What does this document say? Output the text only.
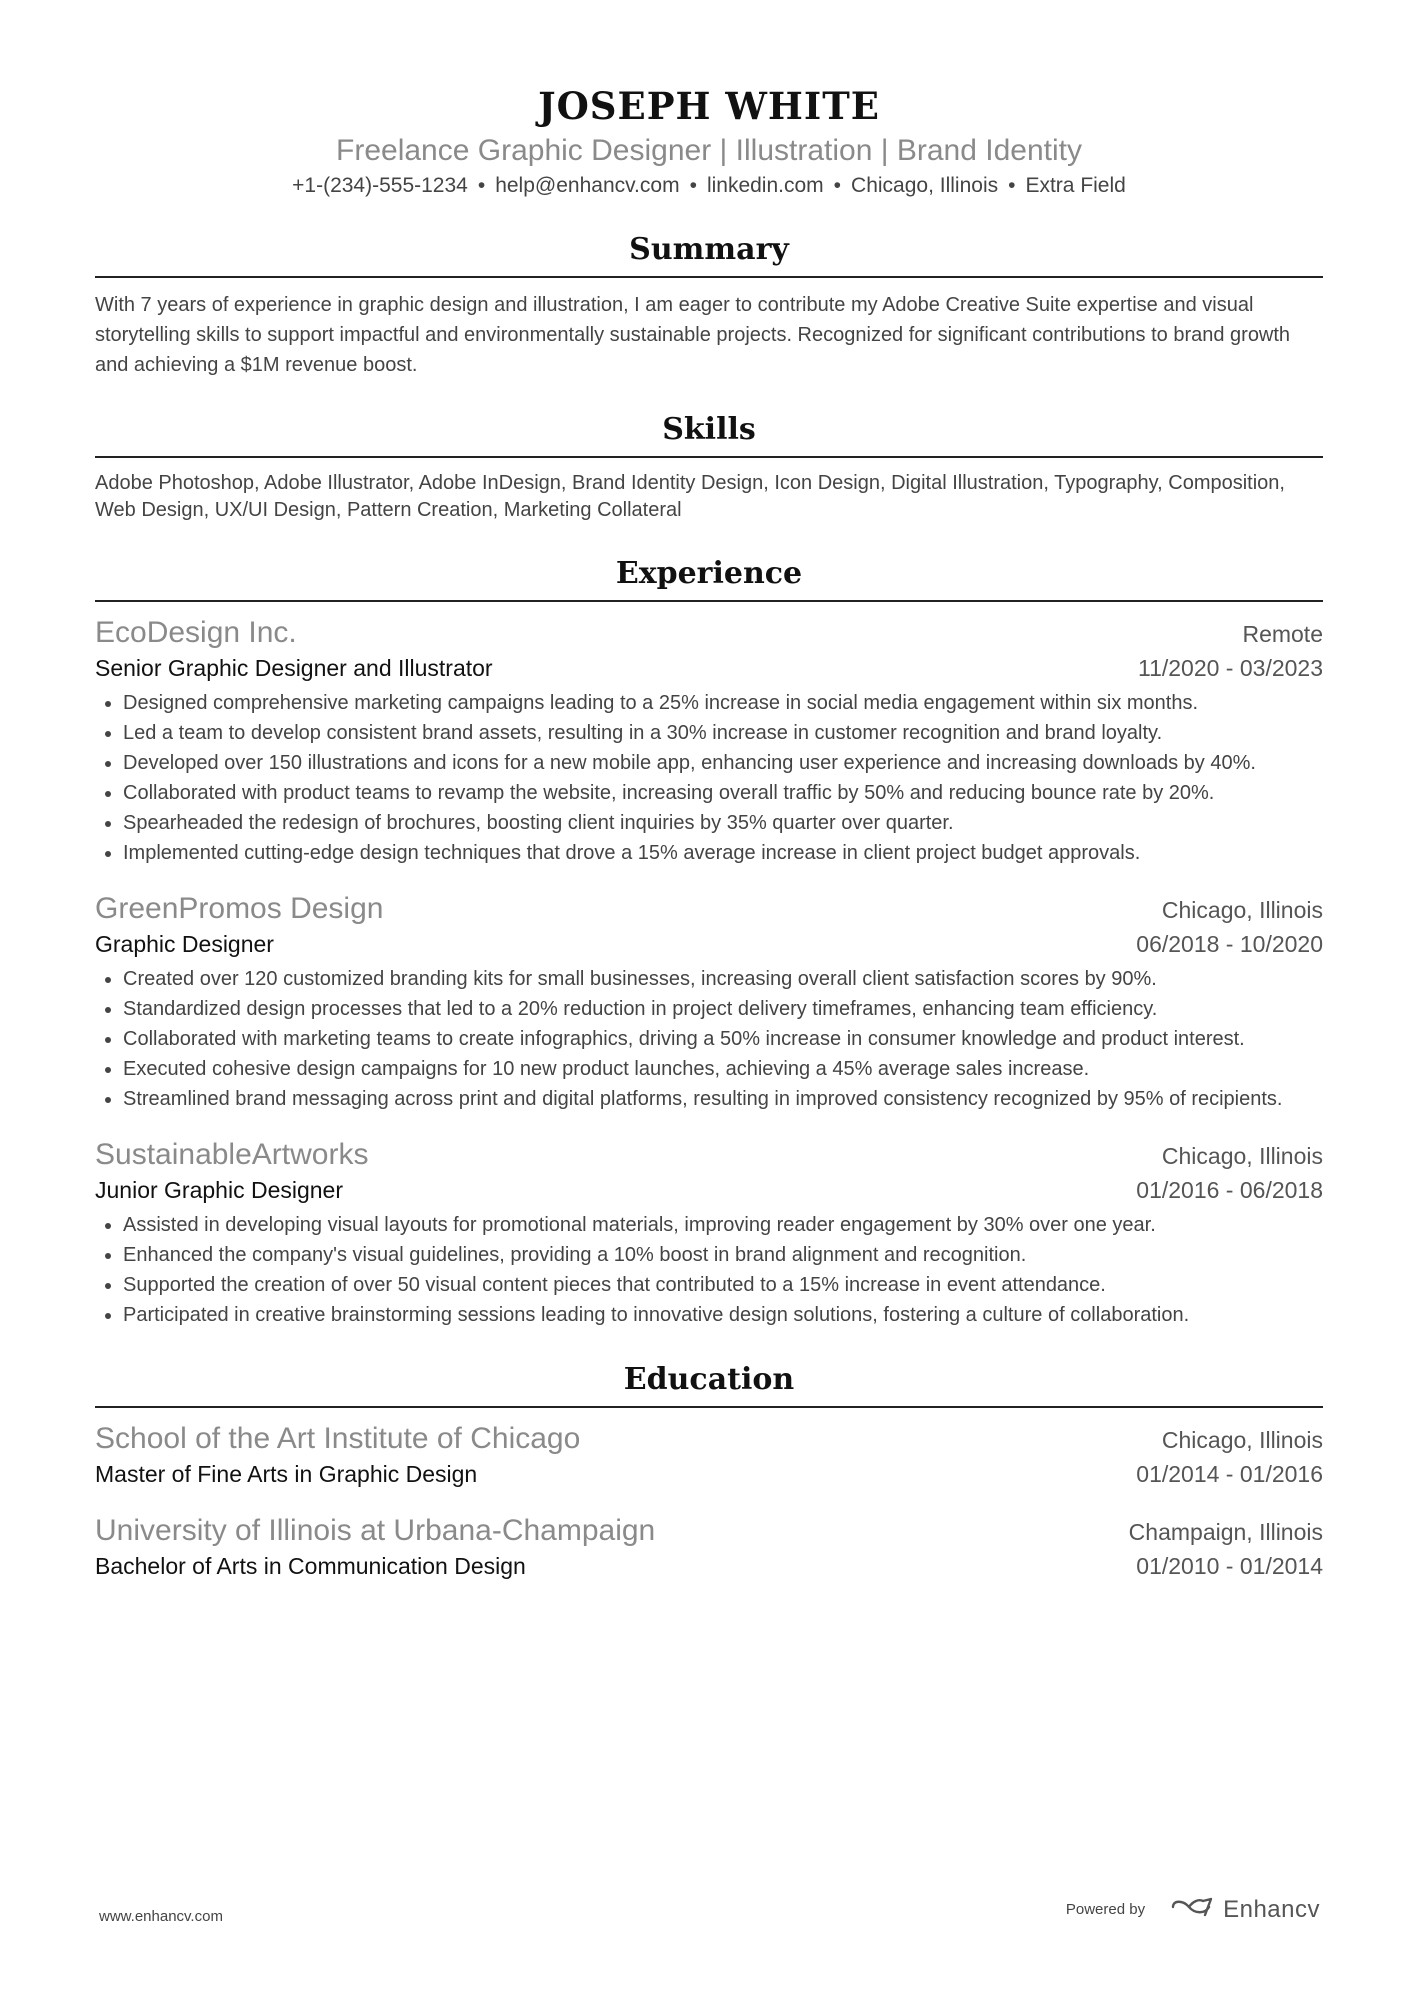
JOSEPH WHITE
Freelance Graphic Designer | Illustration | Brand Identity
+1-(234)-555-1234 • help@enhancv.com • linkedin.com • Chicago, Illinois • Extra Field
Summary
With 7 years of experience in graphic design and illustration, I am eager to contribute my Adobe Creative Suite expertise and visual storytelling skills to support impactful and environmentally sustainable projects. Recognized for significant contributions to brand growth and achieving a $1M revenue boost.
Skills
Adobe Photoshop, Adobe Illustrator, Adobe InDesign, Brand Identity Design, Icon Design, Digital Illustration, Typography, Composition, Web Design, UX/UI Design, Pattern Creation, Marketing Collateral
Experience
EcoDesign Inc.	Remote
Senior Graphic Designer and Illustrator	11/2020 - 03/2023
• Designed comprehensive marketing campaigns leading to a 25% increase in social media engagement within six months.
• Led a team to develop consistent brand assets, resulting in a 30% increase in customer recognition and brand loyalty.
• Developed over 150 illustrations and icons for a new mobile app, enhancing user experience and increasing downloads by 40%.
• Collaborated with product teams to revamp the website, increasing overall traffic by 50% and reducing bounce rate by 20%.
• Spearheaded the redesign of brochures, boosting client inquiries by 35% quarter over quarter.
• Implemented cutting-edge design techniques that drove a 15% average increase in client project budget approvals.
GreenPromos Design	Chicago, Illinois
Graphic Designer	06/2018 - 10/2020
• Created over 120 customized branding kits for small businesses, increasing overall client satisfaction scores by 90%.
• Standardized design processes that led to a 20% reduction in project delivery timeframes, enhancing team efficiency.
• Collaborated with marketing teams to create infographics, driving a 50% increase in consumer knowledge and product interest.
• Executed cohesive design campaigns for 10 new product launches, achieving a 45% average sales increase.
• Streamlined brand messaging across print and digital platforms, resulting in improved consistency recognized by 95% of recipients.
SustainableArtworks	Chicago, Illinois
Junior Graphic Designer	01/2016 - 06/2018
• Assisted in developing visual layouts for promotional materials, improving reader engagement by 30% over one year.
• Enhanced the company's visual guidelines, providing a 10% boost in brand alignment and recognition.
• Supported the creation of over 50 visual content pieces that contributed to a 15% increase in event attendance.
• Participated in creative brainstorming sessions leading to innovative design solutions, fostering a culture of collaboration.
Education
School of the Art Institute of Chicago	Chicago, Illinois
Master of Fine Arts in Graphic Design	01/2014 - 01/2016
University of Illinois at Urbana-Champaign	Champaign, Illinois
Bachelor of Arts in Communication Design	01/2010 - 01/2014
www.enhancv.com	Powered by	Enhancv
